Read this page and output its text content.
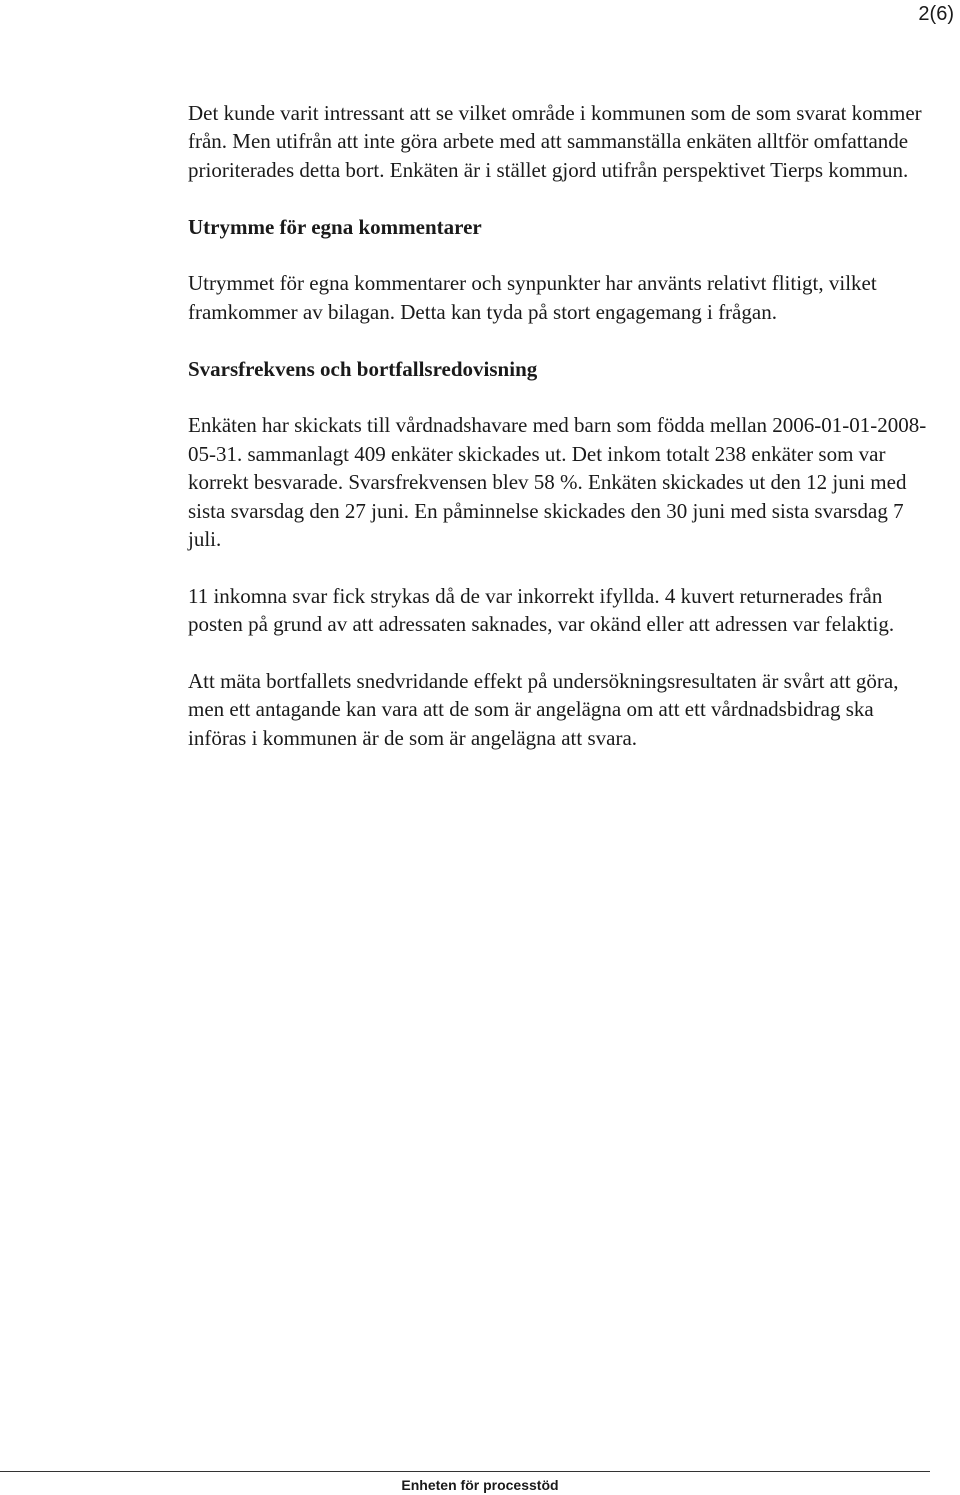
2(6)

Det kunde varit intressant att se vilket område i kommunen som de som svarat kommer från. Men utifrån att inte göra arbete med att sammanställa enkäten alltför omfattande prioriterades detta bort. Enkäten är i stället gjord utifrån perspektivet Tierps kommun.

Utrymme för egna kommentarer

Utrymmet för egna kommentarer och synpunkter har använts relativt flitigt, vilket framkommer av bilagan. Detta kan tyda på stort engagemang i frågan.

Svarsfrekvens och bortfallsredovisning

Enkäten har skickats till vårdnadshavare med barn som födda mellan 2006-01-01-2008-05-31. sammanlagt 409 enkäter skickades ut. Det inkom totalt 238 enkäter som var korrekt besvarade. Svarsfrekvensen blev 58 %. Enkäten skickades ut den 12 juni med sista svarsdag den 27 juni. En påminnelse skickades den 30 juni med sista svarsdag 7 juli.

11 inkomna svar fick strykas då de var inkorrekt ifyllda. 4 kuvert returnerades från posten på grund av att adressaten saknades, var okänd eller att adressen var felaktig.

Att mäta bortfallets snedvridande effekt på undersökningsresultaten är svårt att göra, men ett antagande kan vara att de som är angelägna om att ett vårdnadsbidrag ska införas i kommunen är de som är angelägna att svara.

Enheten för processtöd
